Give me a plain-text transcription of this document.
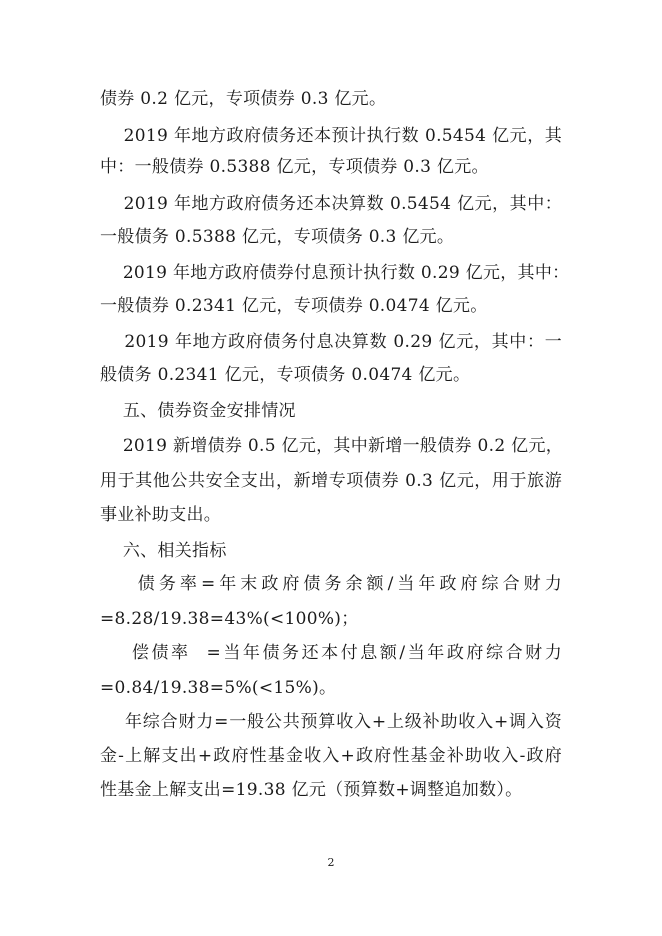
债券 0.2 亿元，专项债券 0.3 亿元。
2019 年地方政府债务还本预计执行数 0.5454 亿元，其
中：一般债券 0.5388 亿元，专项债券 0.3 亿元。
2019 年地方政府债务还本决算数 0.5454 亿元，其中：
一般债务 0.5388 亿元，专项债务 0.3 亿元。
2019 年地方政府债券付息预计执行数 0.29 亿元，其中：
一般债券 0.2341 亿元，专项债券 0.0474 亿元。
2019 年地方政府债务付息决算数 0.29 亿元，其中：一
般债务 0.2341 亿元，专项债务 0.0474 亿元。
五、债券资金安排情况
2019 新增债券 0.5 亿元，其中新增一般债券 0.2 亿元，
用于其他公共安全支出，新增专项债券 0.3 亿元，用于旅游
事业补助支出。
六、相关指标
债务率=年末政府债务余额/当年政府综合财力
=8.28/19.38=43%(<100%)；
偿债率  =当年债务还本付息额/当年政府综合财力
=0.84/19.38=5%(<15%)。
年综合财力=一般公共预算收入+上级补助收入+调入资
金-上解支出+政府性基金收入+政府性基金补助收入-政府
性基金上解支出=19.38 亿元（预算数+调整追加数）。
2
